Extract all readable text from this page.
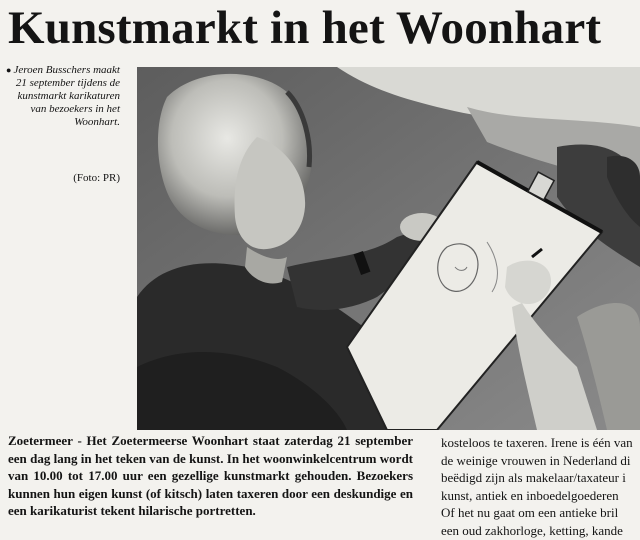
Kunstmarkt in het Woonhart
● Jeroen Busschers maakt 21 september tijdens de kunstmarkt karikaturen van bezoekers in het Woonhart.
(Foto: PR)

Zoetermeer - Het Zoetermeerse Woonhart staat zaterdag 21 september een dag lang in het teken van de kunst. In het woonwinkelcentrum wordt van 10.00 tot 17.00 uur een gezellige kunstmarkt gehouden. Bezoekers kunnen hun eigen kunst (of kitsch) laten taxeren door een deskundige en een karikaturist tekent hilarische portretten.

kosteloos te taxeren. Irene is één van
de weinige vrouwen in Nederland di
beëdigd zijn als makelaar/taxateur i
kunst, antiek en inboedelgoederen
Of het nu gaat om een antieke bril
een oud zakhorloge, ketting, kande
